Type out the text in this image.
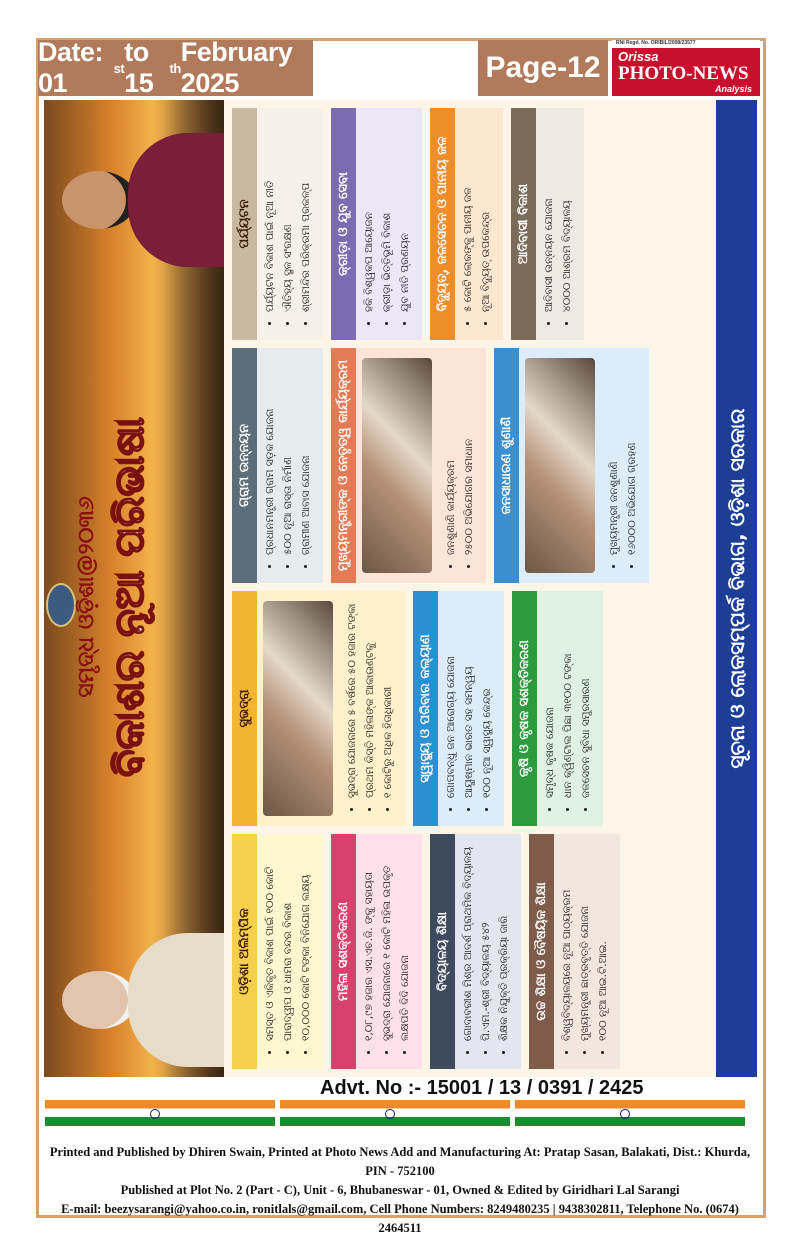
Date: 01	st
to 15	th
February 2025	Page-12
RNI Regd. No. ORIBIL/2008/23577
Orissa
PHOTO-NEWS
Analysis
ସମୃଦ୍ଧ ଓଡ଼ିଶା@୨୦୩୬ ବିକାଶର ନୂଆ ପରିଭାଷା
ଓଡ଼ିଶା ଅଲିମ୍ପିକ	• ସମସ୍ତ ଓ ଏକିକୃତ ବିକାଶ ପାଇଁ ୧୦୦ କୋଟି • ପାରାଦ୍ୱୀପ ଓ ଧାମରା ବନ୍ଦର ବିକାଶ • ୧୦,୦୦୦ କୋଟି ଟଙ୍କା ବିନିଯୋଗ ଲକ୍ଷ୍ୟ	ମହିଳା ସଶକ୍ତିକରଣ	• ୧,୦୮,୯୭ ହଜାର ଏସ.ଏଚ.ଜି. ଙ୍କୁ ସହାୟତା • ସୁଭଦ୍ରା ଯୋଜନାରେ ୧ କୋଟି ମହିଳା ଉପକୃତ • ଲକ୍ଷପତି ଦିଦି ଯୋଜନା
ବିଦ୍ୟାଳୟ ଶିକ୍ଷା	• ଗୋଦାବରୀଶ ମିଶ୍ର ଆଦର୍ଶ ପ୍ରାଥମିକ ବିଦ୍ୟାଳୟ • ପି.ଏମ.-ଶ୍ରୀ ବିଦ୍ୟାଳୟ ୫୪୨ • ଶିକ୍ଷକ ନିଯୁକ୍ତି ପ୍ରକ୍ରିୟା ଜାରି	ଉଚ୍ଚ ଶିକ୍ଷା ଓ ବୈଷୟିକ ଶିକ୍ଷା	• ବିଶ୍ୱବିଦ୍ୟାଳୟରେ ନୂଆ ପାଠ୍ୟକ୍ରମ • ମୁଖ୍ୟମନ୍ତ୍ରୀ ଛାତ୍ରବୃତ୍ତି ଯୋଜନା • ୧୦୦ ନୂଆ ଆଇ.ଟି.ଆଇ.
ସୁଭଦ୍ରା	• ସୁଭଦ୍ରା ଯୋଜନାରେ ୫ ବର୍ଷରେ ୫୦ ହଜାର ଟଙ୍କା • ପ୍ରଥମ କିସ୍ତି ମହିଳାଙ୍କ ଆକାଉଣ୍ଟକୁ • ୧ କୋଟିରୁ ଅଧିକ ହିତାଧିକାରୀ	ସ୍ୱାସ୍ଥ୍ୟ ଓ ପରିବାର କଲ୍ୟାଣ	• ଗୋପବନ୍ଧୁ ଜନ ଆରୋଗ୍ୟ ଯୋଜନା • ଆୟୁଷ୍ମାନ ଭାରତ ସହ ସମନ୍ୱୟ • ୧୦୦ ନୂଆ ସ୍ୱାସ୍ଥ୍ୟ କେନ୍ଦ୍ର	କୃଷି ଓ କୃଷକ ସଶକ୍ତିକରଣ	• ସମୃଦ୍ଧ କୃଷକ ଯୋଜନା • ଧାନ କ୍ୱିଣ୍ଟାଲ ପିଛା ୩୧୦୦ ଟଙ୍କା • ଜଳସେଚନ ସୁବିଧା ସମ୍ପ୍ରସାରଣ
ଗ୍ରାମ ଉନ୍ନୟନ	• ପ୍ରଧାନମନ୍ତ୍ରୀ ଗ୍ରାମ ସଡ଼କ ଯୋଜନା • ୫୦୦ ନୂଆ ରାସ୍ତା ନିର୍ମାଣ • ଗ୍ରାମୀଣ ଆବାସ ଯୋଜନା	ମୁଖ୍ୟମନ୍ତ୍ରୀଙ୍କ ଓ ନେତୃତ୍ୱ କାର୍ଯ୍ୟକ୍ରମ	• ଜନଶୁଣାଣି କାର୍ଯ୍ୟକ୍ରମ • ୨୫୦୦ ଅଭିଯୋଗର ସମାଧାନ	ଜନସାଧାରଣ ଶୁଣାଣି	• ମୁଖ୍ୟମନ୍ତ୍ରୀ ଜନଶୁଣାଣି • ୧୬୦୦୦ ଅଭିଯୋଗ ଗ୍ରହଣ
ପର୍ଯ୍ୟଟନ	• ପର୍ଯ୍ୟଟନ ବିକାଶ ପାଇଁ ନୂଆ ନୀତି • ଐତିହ୍ୟ ସ୍ଥଳ ସଂରକ୍ଷଣ • ଶ୍ରୀମନ୍ଦିର ପରିକ୍ରମା ପ୍ରକଳ୍ପ	କ୍ରୀଡ଼ା ଓ ଯୁବ ସେବା	• ହକି ବିଶ୍ୱକପ ଆୟୋଜନ • କ୍ରୀଡ଼ା ଭିତ୍ତିଭୂମି ବିକାଶ • ଯୁବ ନୀତି ପ୍ରଣୟନ	ବିଦ୍ୟୁତ୍, ଜଳସେଚନ ଓ ପାନୀୟ ଜଳ	• ୫ କୋଟି ଲୋକଙ୍କୁ ପାନୀୟ ଜଳ • ନୂଆ ବିଦ୍ୟୁତ୍ ଉପକେନ୍ଦ୍ର	ଆଦିବାସୀ ବିକାଶ	• ଆଦିବାସୀ ଉନ୍ନୟନ ଯୋଜନା • ୪୦୦୦ ଆଶ୍ରମ ବିଦ୍ୟାଳୟ
ସୂଚନା ଓ ଲୋକସମ୍ପର୍କ ବିଭାଗ, ଓଡ଼ିଶା ସରକାର
Advt. No :- 15001 / 13 / 0391 / 2425
Printed and Published by Dhiren Swain, Printed at Photo News Add and Manufacturing At: Pratap Sasan, Balakati, Dist.: Khurda, PIN - 752100
Published at Plot No. 2 (Part - C), Unit - 6, Bhubaneswar - 01, Owned & Edited by Giridhari Lal Sarangi
E-mail: beezysarangi@yahoo.co.in, ronitlals@gmail.com, Cell Phone Numbers: 8249480235 | 9438302811, Telephone No. (0674) 2464511
